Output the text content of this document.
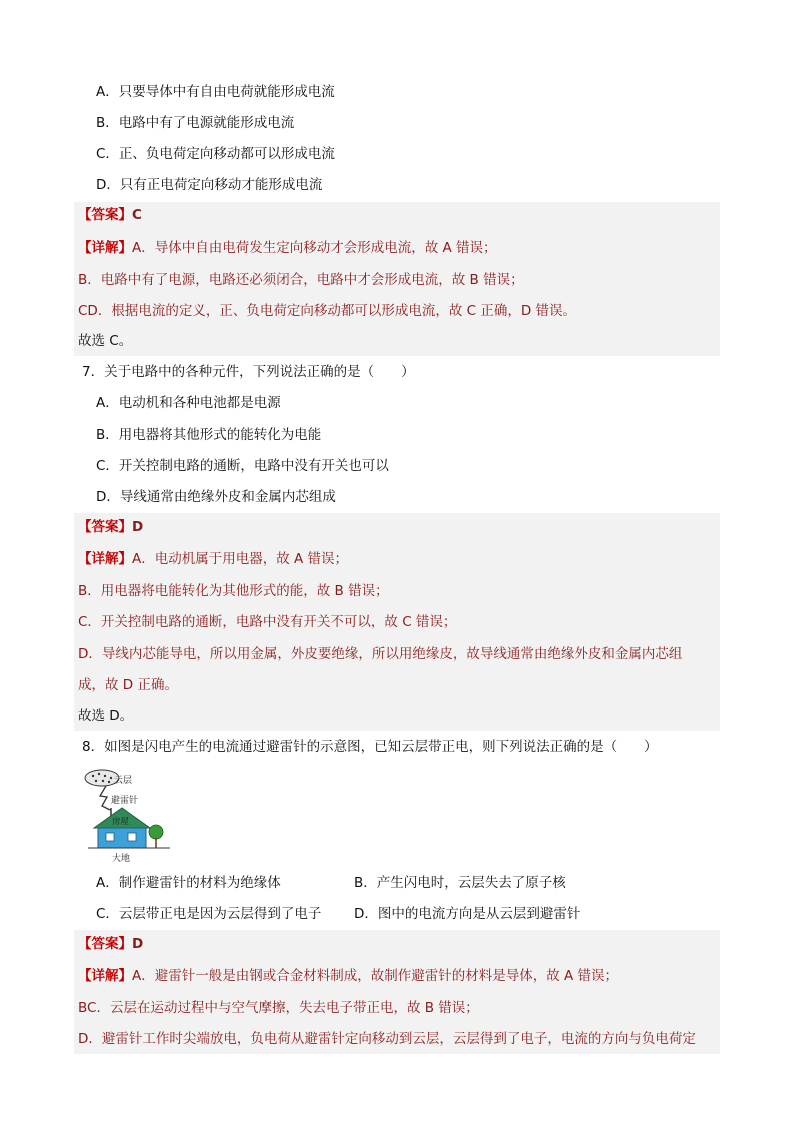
A．只要导体中有自由电荷就能形成电流
B．电路中有了电源就能形成电流
C．正、负电荷定向移动都可以形成电流
D．只有正电荷定向移动才能形成电流
【答案】C
【详解】A．导体中自由电荷发生定向移动才会形成电流，故 A 错误；
B．电路中有了电源，电路还必须闭合，电路中才会形成电流，故 B 错误；
CD．根据电流的定义，正、负电荷定向移动都可以形成电流，故 C 正确，D 错误。
故选 C。
7．关于电路中的各种元件，下列说法正确的是（　　）
A．电动机和各种电池都是电源
B．用电器将其他形式的能转化为电能
C．开关控制电路的通断，电路中没有开关也可以
D．导线通常由绝缘外皮和金属内芯组成
【答案】D
【详解】A．电动机属于用电器，故 A 错误；
B．用电器将电能转化为其他形式的能，故 B 错误；
C．开关控制电路的通断，电路中没有开关不可以，故 C 错误；
D．导线内芯能导电，所以用金属，外皮要绝缘，所以用绝缘皮，故导线通常由绝缘外皮和金属内芯组
成，故 D 正确。
故选 D。
8．如图是闪电产生的电流通过避雷针的示意图，已知云层带正电，则下列说法正确的是（　　）
云层
避雷针
房屋
大地
A．制作避雷针的材料为绝缘体	B．产生闪电时，云层失去了原子核
C．云层带正电是因为云层得到了电子 D．图中的电流方向是从云层到避雷针
【答案】D
【详解】A．避雷针一般是由钢或合金材料制成，故制作避雷针的材料是导体，故 A 错误；
BC．云层在运动过程中与空气摩擦，失去电子带正电，故 B 错误；
D．避雷针工作时尖端放电，负电荷从避雷针定向移动到云层，云层得到了电子，电流的方向与负电荷定
